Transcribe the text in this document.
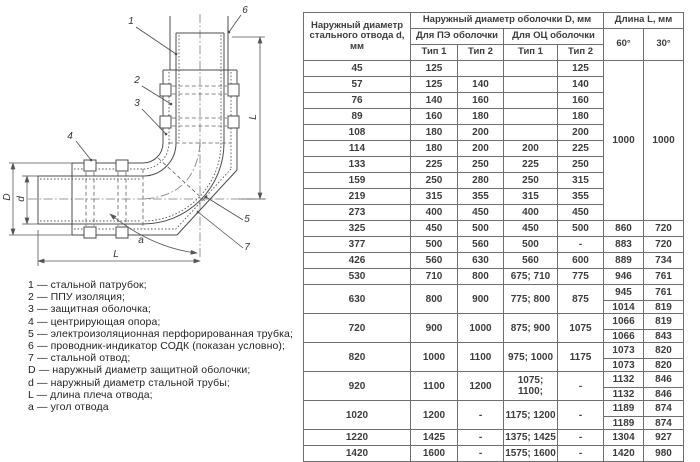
D d
L
L
a
1
2
3
4
5
6
7
1 — стальной патрубок;
2 — ППУ изоляция;
3 — защитная оболочка;
4 — центрирующая опора;
5 — электроизоляционная перфорированная трубка;
6 — проводник-индикатор СОДК (показан условно);
7 — стальной отвод;
D — наружный диаметр защитной оболочки;
d — наружный диаметр стальной трубы;
L — длина плеча отвода;
a — угол отвода
Наружный диаметр стального отвода d, мм	Наружный диаметр оболочки D, мм				Длина L, мм	
	Для ПЭ оболочки		Для ОЦ оболочки		60°	30°
	Тип 1	Тип 2	Тип 1	Тип 2		
45	125			125	1000	1000
57	125	140		140		
76	140	160		160		
89	160	180		180		
108	180	200		200		
114	180	200	200	225		
133	225	250	225	250		
159	250	280	250	315		
219	315	355	315	355		
273	400	450	400	450		
325	450	500	450	500	860	720
377	500	560	500	-	883	720
426	560	630	560	600	889	734
530	710	800	675; 710	775	946	761
630	800	900	775; 800	875	945	761
					1014	819
720	900	1000	875; 900	1075	1066	819
					1066	843
820	1000	1100	975; 1000	1175	1073	820
					1073	820
920	1100	1200	1075; 1100;	-	1132	846
					1132	846
1020	1200	-	1175; 1200	-	1189	874
					1189	874
1220	1425	-	1375; 1425	-	1304	927
1420	1600	-	1575; 1600	-	1420	980
